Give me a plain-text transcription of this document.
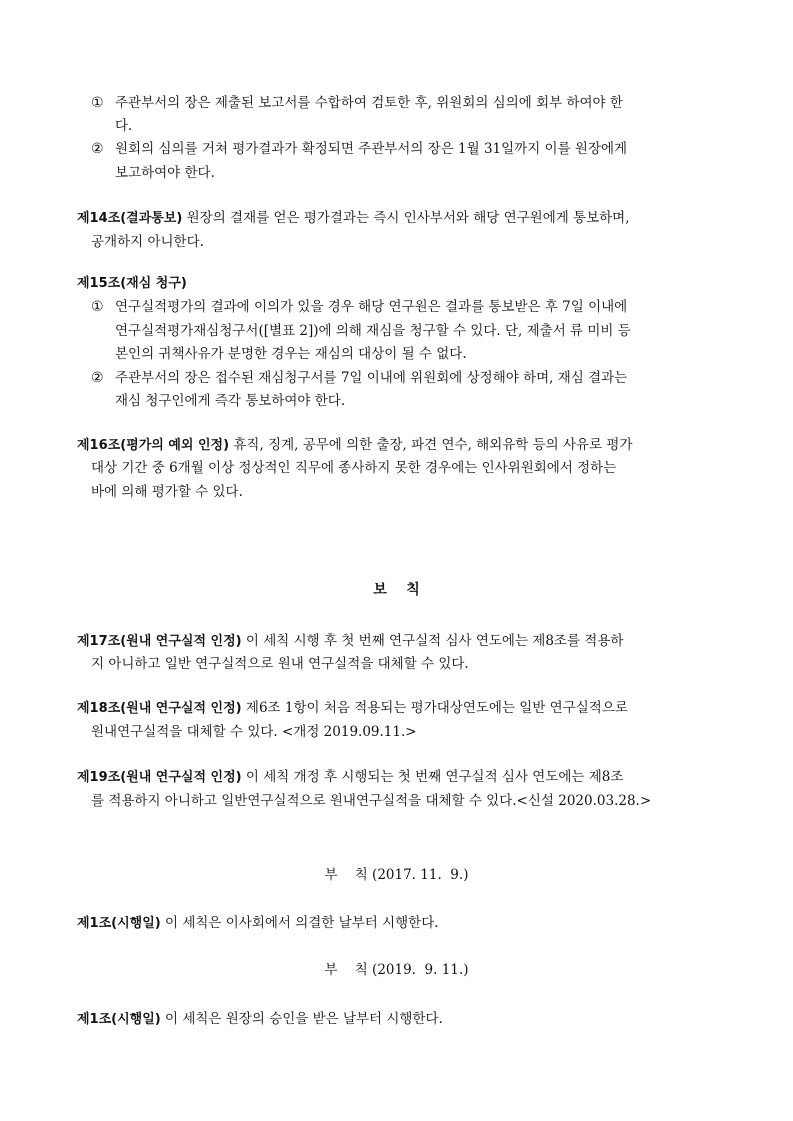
① 주관부서의 장은 제출된 보고서를 수합하여 검토한 후, 위원회의 심의에 회부 하여야 한
다.
② 원회의 심의를 거쳐 평가결과가 확정되면 주관부서의 장은 1월 31일까지 이를 원장에게
보고하여야 한다.
제14조(결과통보) 원장의 결재를 얻은 평가결과는 즉시 인사부서와 해당 연구원에게 통보하며,
공개하지 아니한다.
제15조(재심 청구)
① 연구실적평가의 결과에 이의가 있을 경우 해당 연구원은 결과를 통보받은 후 7일 이내에
연구실적평가재심청구서([별표 2])에 의해 재심을 청구할 수 있다. 단, 제출서 류 미비 등
본인의 귀책사유가 분명한 경우는 재심의 대상이 될 수 없다.
② 주관부서의 장은 접수된 재심청구서를 7일 이내에 위원회에 상정해야 하며, 재심 결과는
재심 청구인에게 즉각 통보하여야 한다.
제16조(평가의 예외 인정) 휴직, 징계, 공무에 의한 출장, 파견 연수, 해외유학 등의 사유로 평가
대상 기간 중 6개월 이상 정상적인 직무에 종사하지 못한 경우에는 인사위원회에서 정하는
바에 의해 평가할 수 있다.
보    칙
제17조(원내 연구실적 인정) 이 세칙 시행 후 첫 번째 연구실적 심사 연도에는 제8조를 적용하
지 아니하고 일반 연구실적으로 원내 연구실적을 대체할 수 있다.
제18조(원내 연구실적 인정) 제6조 1항이 처음 적용되는 평가대상연도에는 일반 연구실적으로
원내연구실적을 대체할 수 있다. <개정 2019.09.11.>
제19조(원내 연구실적 인정) 이 세칙 개정 후 시행되는 첫 번째 연구실적 심사 연도에는 제8조
를 적용하지 아니하고 일반연구실적으로 원내연구실적을 대체할 수 있다.<신설 2020.03.28.>
부    칙 (2017. 11.  9.)
제1조(시행일) 이 세칙은 이사회에서 의결한 날부터 시행한다.
부    칙 (2019.  9. 11.)
제1조(시행일) 이 세칙은 원장의 승인을 받은 날부터 시행한다.
